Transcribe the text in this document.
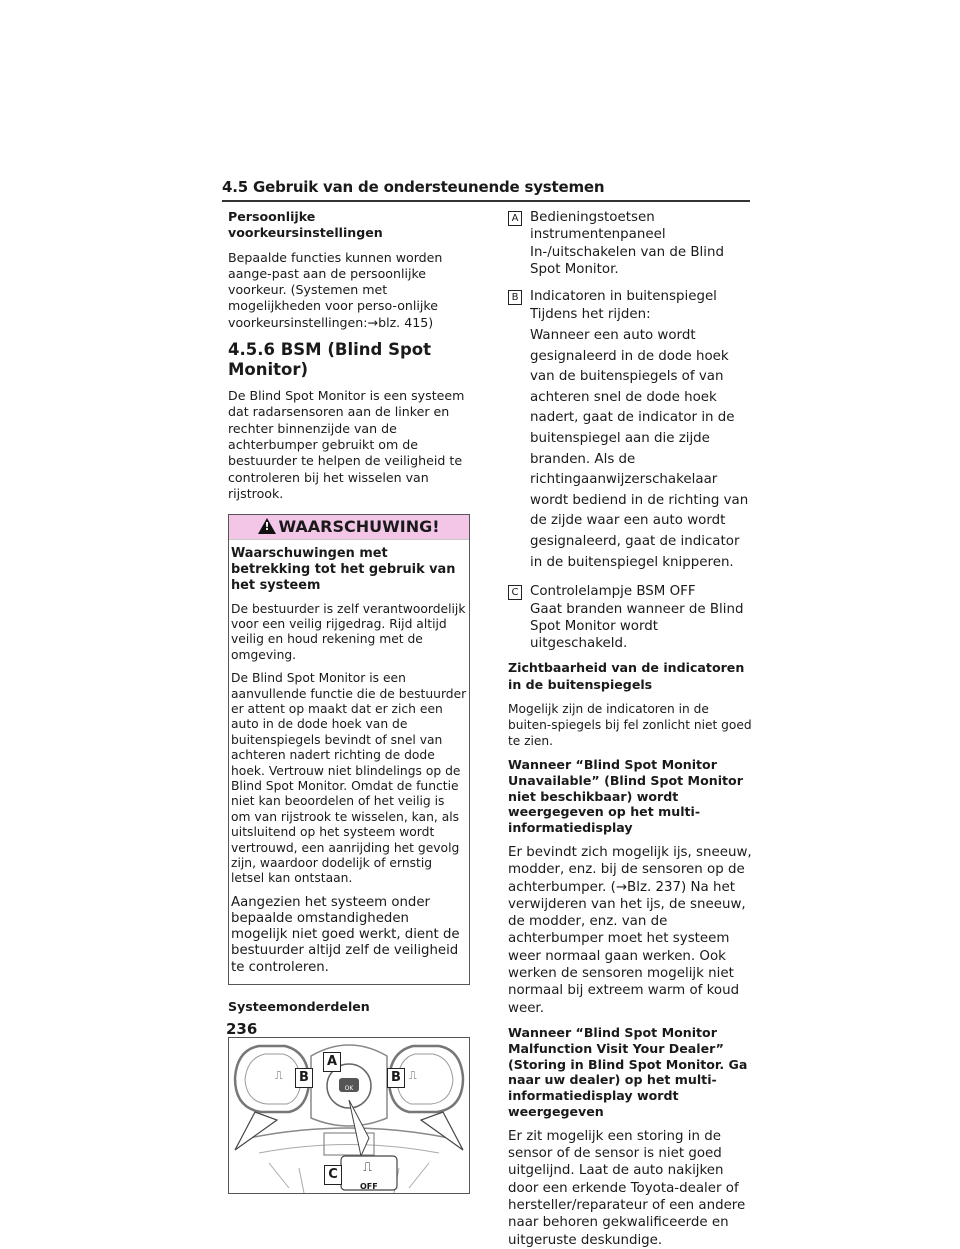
4.5 Gebruik van de ondersteunende systemen

Persoonlijke voorkeursinstellingen

Bepaalde functies kunnen worden aange-past aan de persoonlijke voorkeur. (Systemen met mogelijkheden voor perso-onlijke voorkeursinstellingen:→blz. 415)

4.5.6 BSM (Blind Spot Monitor)

De Blind Spot Monitor is een systeem dat radarsensoren aan de linker en rechter binnenzijde van de achterbumper gebruikt om de bestuurder te helpen de veiligheid te controleren bij het wisselen van rijstrook.

!WAARSCHUWING!

Waarschuwingen met betrekking tot het gebruik van het systeem

De bestuurder is zelf verantwoordelijk voor een veilig rijgedrag. Rijd altijd veilig en houd rekening met de omgeving.

De Blind Spot Monitor is een aanvullende functie die de bestuurder er attent op maakt dat er zich een auto in de dode hoek van de buitenspiegels bevindt of snel van achteren nadert richting de dode hoek. Vertrouw niet blindelings op de Blind Spot Monitor. Omdat de functie niet kan beoordelen of het veilig is om van rijstrook te wisselen, kan, als uitsluitend op het systeem wordt vertrouwd, een aanrijding het gevolg zijn, waardoor dodelijk of ernstig letsel kan ontstaan.

Aangezien het systeem onder bepaalde omstandigheden mogelijk niet goed werkt, dient de bestuurder altijd zelf de veiligheid te controleren.

Systeemonderdelen

B	B
A
C
OK
OFF
⎍
⎍	⎍
A Bedieningstoetsen instrumentenpaneel

In-/uitschakelen van de Blind Spot Monitor.

B Indicatoren in buitenspiegel

Tijdens het rijden:
Wanneer een auto wordt gesignaleerd in de dode hoek van de buitenspiegels of van achteren snel de dode hoek nadert, gaat de indicator in de buitenspiegel aan die zijde branden. Als de richtingaanwijzerschakelaar wordt bediend in de richting van de zijde waar een auto wordt gesignaleerd, gaat de indicator in de buitenspiegel knipperen.

C Controlelampje BSM OFF

Gaat branden wanneer de Blind Spot Monitor wordt uitgeschakeld.

Zichtbaarheid van de indicatoren in de buitenspiegels

Mogelijk zijn de indicatoren in de buiten-spiegels bij fel zonlicht niet goed te zien.

Wanneer “Blind Spot Monitor Unavailable” (Blind Spot Monitor niet beschikbaar) wordt weergegeven op het multi-informatiedisplay

Er bevindt zich mogelijk ijs, sneeuw, modder, enz. bij de sensoren op de achterbumper. (→Blz. 237) Na het verwijderen van het ijs, de sneeuw, de modder, enz. van de achterbumper moet het systeem weer normaal gaan werken. Ook werken de sensoren mogelijk niet normaal bij extreem warm of koud weer.

Wanneer “Blind Spot Monitor Malfunction Visit Your Dealer” (Storing in Blind Spot Monitor. Ga naar uw dealer) op het multi-informatiedisplay wordt weergegeven

Er zit mogelijk een storing in de sensor of de sensor is niet goed uitgelijnd. Laat de auto nakijken door een erkende Toyota-dealer of hersteller/reparateur of een andere naar behoren gekwalificeerde en uitgeruste deskundige.

236
